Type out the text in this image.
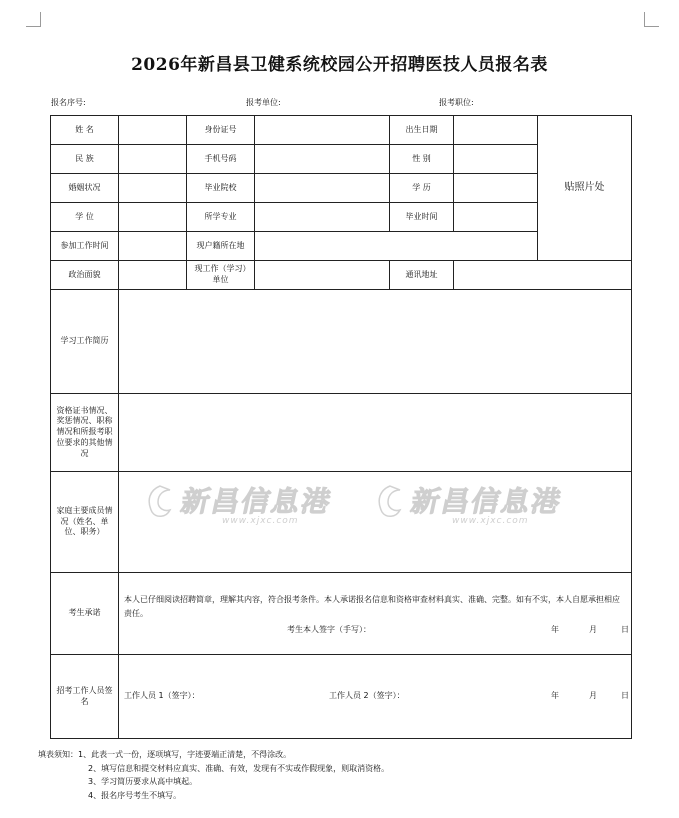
2026年新昌县卫健系统校园公开招聘医技人员报名表
报名序号:	报考单位:	报考职位:
姓 名		身份证号		出生日期		贴照片处
民 族		手机号码		性 别		
婚姻状况		毕业院校		学 历		
学 位		所学专业		毕业时间		
参加工作时间		现户籍所在地				
政治面貌		现工作（学习）单位		通讯地址		
学习工作简历						
资格证书情况、奖惩情况、职称情况和所报考职位要求的其他情况						
家庭主要成员情况（姓名、单位、职务）						
考生承诺	本人已仔细阅读招聘简章，理解其内容，符合报考条件。本人承诺报名信息和资格审查材料真实、准确、完整。如有不实，本人自愿承担相应责任。
考生本人签字（手写）： 年 月 日					

招考工作人员签名	工作人员 1（签字）： 工作人员 2（签字）： 年 月 日					
新昌信息港
www.xjxc.com
新昌信息港
www.xjxc.com
填表须知：1、此表一式一份，逐项填写，字迹要端正清楚，不得涂改。
2、填写信息和提交材料应真实、准确、有效，发现有不实或作假现象，则取消资格。
3、学习简历要求从高中填起。
4、报名序号考生不填写。
